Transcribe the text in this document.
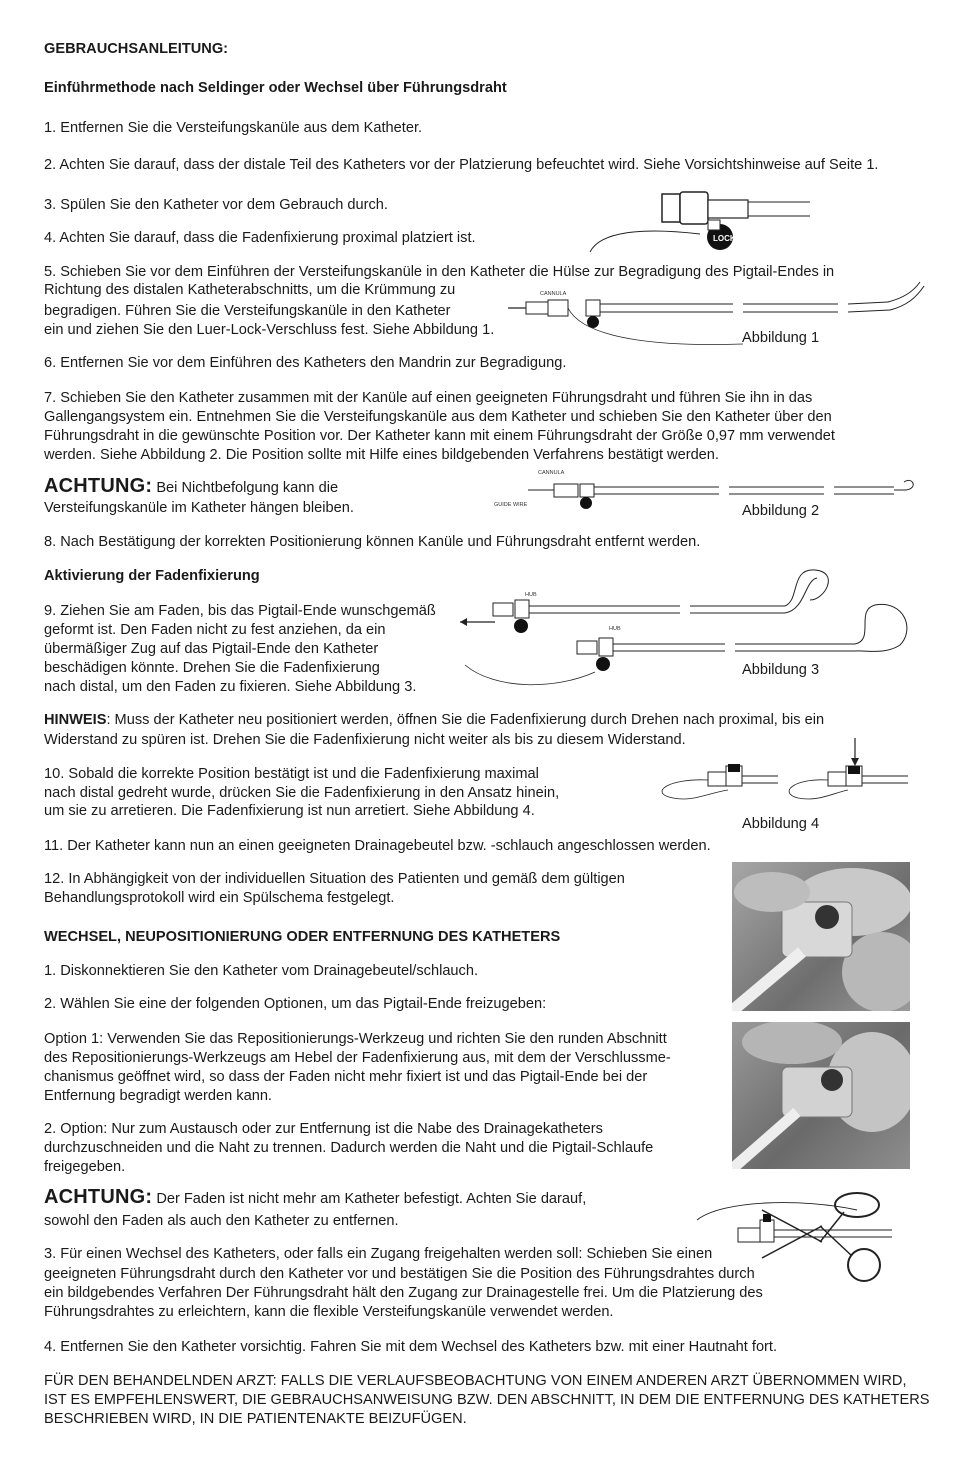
GEBRAUCHSANLEITUNG:

Einführmethode nach Seldinger oder Wechsel über Führungsdraht

1. Entfernen Sie die Versteifungskanüle aus dem Katheter.

2. Achten Sie darauf, dass der distale Teil des Katheters vor der Platzierung befeuchtet wird. Siehe Vorsichtshinweise auf Seite 1.

3. Spülen Sie den Katheter vor dem Gebrauch durch.

4. Achten Sie darauf, dass die Fadenfixierung proximal platziert ist.

5. Schieben Sie vor dem Einführen der Versteifungskanüle in den Katheter die Hülse zur Begradigung des Pigtail-Endes in

Richtung des distalen Katheterabschnitts, um die Krümmung zu

begradigen. Führen Sie die Versteifungskanüle in den Katheter

ein und ziehen Sie den Luer-Lock-Verschluss fest. Siehe Abbildung 1.

6. Entfernen Sie vor dem Einführen des Katheters den Mandrin zur Begradigung.

7. Schieben Sie den Katheter zusammen mit der Kanüle auf einen geeigneten Führungsdraht und führen Sie ihn in das

Gallengangsystem ein. Entnehmen Sie die Versteifungskanüle aus dem Katheter und schieben Sie den Katheter über den

Führungsdraht in die gewünschte Position vor. Der Katheter kann mit einem Führungsdraht der Größe 0,97 mm verwendet

werden. Siehe Abbildung 2. Die Position sollte mit Hilfe eines bildgebenden Verfahrens bestätigt werden.

ACHTUNG: Bei Nichtbefolgung kann die

Versteifungskanüle im Katheter hängen bleiben.

8. Nach Bestätigung der korrekten Positionierung können Kanüle und Führungsdraht entfernt werden.

Aktivierung der Fadenfixierung

9. Ziehen Sie am Faden, bis das Pigtail-Ende wunschgemäß

geformt ist. Den Faden nicht zu fest anziehen, da ein

übermäßiger Zug auf das Pigtail-Ende den Katheter

beschädigen könnte. Drehen Sie die Fadenfixierung

nach distal, um den Faden zu fixieren. Siehe Abbildung 3.

HINWEIS: Muss der Katheter neu positioniert werden, öffnen Sie die Fadenfixierung durch Drehen nach proximal, bis ein

Widerstand zu spüren ist. Drehen Sie die Fadenfixierung nicht weiter als bis zu diesem Widerstand.

10. Sobald die korrekte Position bestätigt ist und die Fadenfixierung maximal

nach distal gedreht wurde, drücken Sie die Fadenfixierung in den Ansatz hinein,

um sie zu arretieren. Die Fadenfixierung ist nun arretiert. Siehe Abbildung 4.

11. Der Katheter kann nun an einen geeigneten Drainagebeutel bzw. -schlauch angeschlossen werden.

12. In Abhängigkeit von der individuellen Situation des Patienten und gemäß dem gültigen

Behandlungsprotokoll wird ein Spülschema festgelegt.

WECHSEL, NEUPOSITIONIERUNG ODER ENTFERNUNG DES KATHETERS

1. Diskonnektieren Sie den Katheter vom Drainagebeutel/schlauch.

2. Wählen Sie eine der folgenden Optionen, um das Pigtail-Ende freizugeben:

Option 1: Verwenden Sie das Repositionierungs-Werkzeug und richten Sie den runden Abschnitt

des Repositionierungs-Werkzeugs am Hebel der Fadenfixierung aus, mit dem der Verschlussme-

chanismus geöffnet wird, so dass der Faden nicht mehr fixiert ist und das Pigtail-Ende bei der

Entfernung begradigt werden kann.

2. Option: Nur zum Austausch oder zur Entfernung ist die Nabe des Drainagekatheters

durchzuschneiden und die Naht zu trennen. Dadurch werden die Naht und die Pigtail-Schlaufe

freigegeben.

ACHTUNG: Der Faden ist nicht mehr am Katheter befestigt. Achten Sie darauf,

sowohl den Faden als auch den Katheter zu entfernen.

3. Für einen Wechsel des Katheters, oder falls ein Zugang freigehalten werden soll: Schieben Sie einen

geeigneten Führungsdraht durch den Katheter vor und bestätigen Sie die Position des Führungsdrahtes durch

ein bildgebendes Verfahren Der Führungsdraht hält den Zugang zur Drainagestelle frei. Um die Platzierung des

Führungsdrahtes zu erleichtern, kann die flexible Versteifungskanüle verwendet werden.

4. Entfernen Sie den Katheter vorsichtig. Fahren Sie mit dem Wechsel des Katheters bzw. mit einer Hautnaht fort.

FÜR DEN BEHANDELNDEN ARZT: FALLS DIE VERLAUFSBEOBACHTUNG VON EINEM ANDEREN ARZT ÜBERNOMMEN WIRD,

IST ES EMPFEHLENSWERT, DIE GEBRAUCHSANWEISUNG BZW. DEN ABSCHNITT, IN DEM DIE ENTFERNUNG DES KATHETERS

BESCHRIEBEN WIRD, IN DIE PATIENTENAKTE BEIZUFÜGEN.

LOCK
CANNULA
Abbildung 1
CANNULA
GUIDE WIRE	Abbildung 2
HUB
HUB
Abbildung 3
Abbildung 4
